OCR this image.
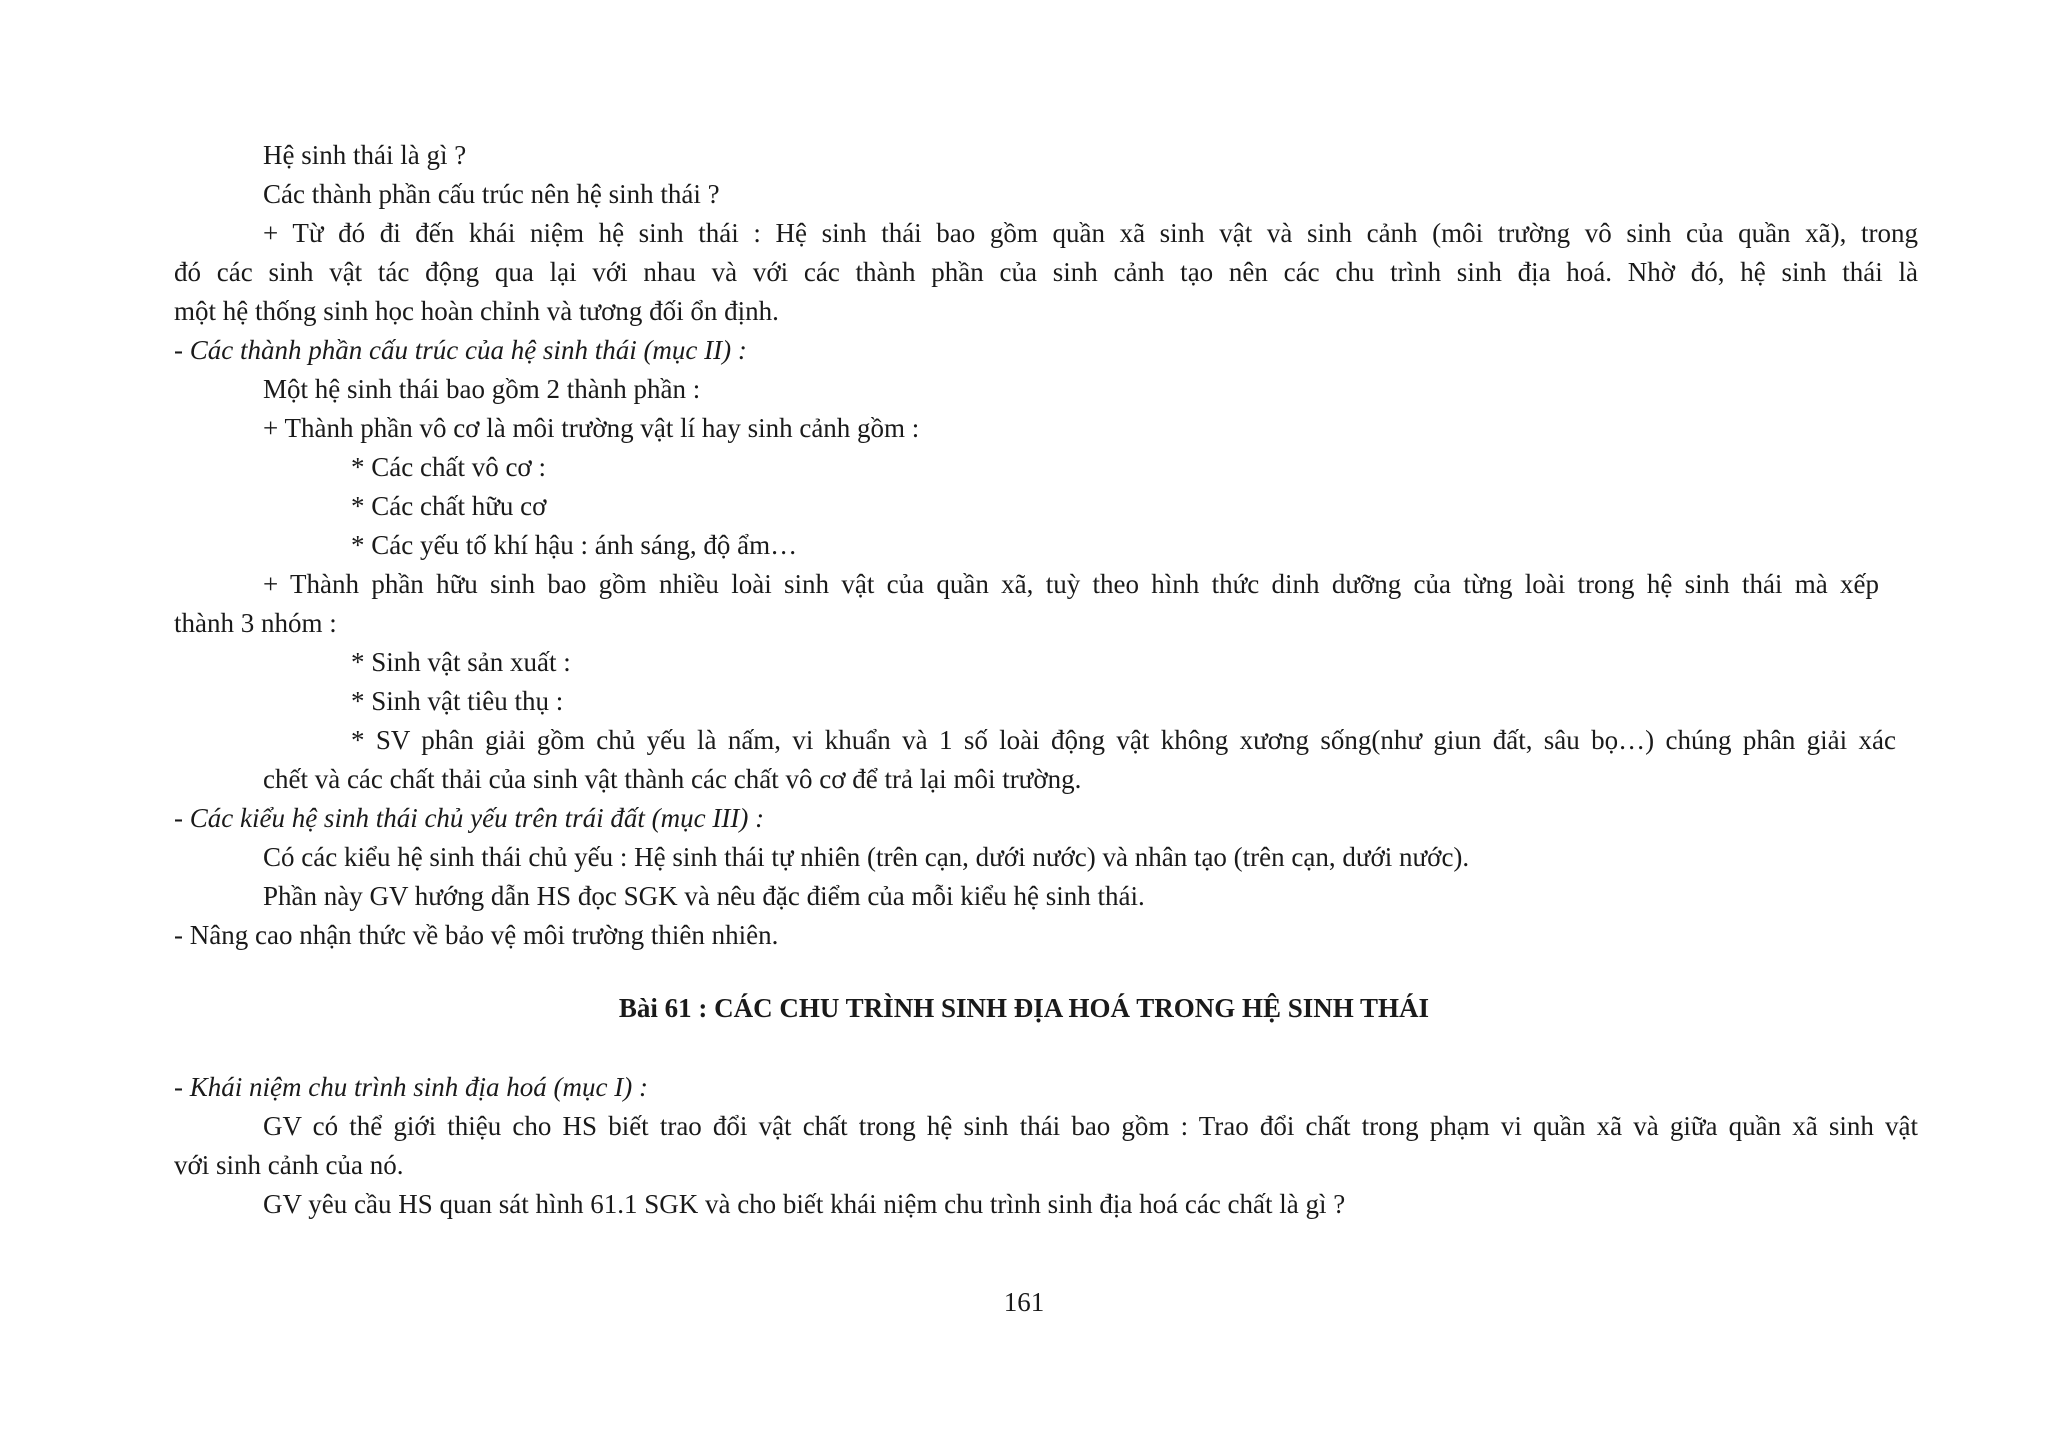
Hệ sinh thái là gì ?
Các thành phần cấu trúc nên hệ sinh thái ?
+ Từ đó đi đến khái niệm hệ sinh thái : Hệ sinh thái bao gồm quần xã sinh vật và sinh cảnh (môi trường vô sinh của quần xã), trong
đó các sinh vật tác động qua lại với nhau và với các thành phần của sinh cảnh tạo nên các chu trình sinh địa hoá. Nhờ đó, hệ sinh thái là
một hệ thống sinh học hoàn chỉnh và tương đối ổn định.
- Các thành phần cấu trúc của hệ sinh thái (mục II) :
Một hệ sinh thái bao gồm 2 thành phần :
+ Thành phần vô cơ là môi trường vật lí hay sinh cảnh gồm :
* Các chất vô cơ :
* Các chất hữu cơ
* Các yếu tố khí hậu : ánh sáng, độ ẩm…
+ Thành phần hữu sinh bao gồm nhiều loài sinh vật của quần xã, tuỳ theo hình thức dinh dưỡng của từng loài trong hệ sinh thái mà xếp
thành 3 nhóm :
* Sinh vật sản xuất :
* Sinh vật tiêu thụ :
* SV phân giải gồm chủ yếu là nấm, vi khuẩn và 1 số loài động vật không xương sống(như giun đất, sâu bọ…) chúng phân giải xác
chết và các chất thải của sinh vật thành các chất vô cơ để trả lại môi trường.
- Các kiểu hệ sinh thái chủ yếu trên trái đất (mục III) :
Có các kiểu hệ sinh thái chủ yếu : Hệ sinh thái tự nhiên (trên cạn, dưới nước) và nhân tạo (trên cạn, dưới nước).
Phần này GV hướng dẫn HS đọc SGK và nêu đặc điểm của mỗi kiểu hệ sinh thái.
- Nâng cao nhận thức về bảo vệ môi trường thiên nhiên.
Bài 61 : CÁC CHU TRÌNH SINH ĐỊA HOÁ TRONG HỆ SINH THÁI
- Khái niệm chu trình sinh địa hoá (mục I) :
GV có thể giới thiệu cho HS biết trao đổi vật chất trong hệ sinh thái bao gồm : Trao đổi chất trong phạm vi quần xã và giữa quần xã sinh vật
với sinh cảnh của nó.
GV yêu cầu HS quan sát hình 61.1 SGK và cho biết khái niệm chu trình sinh địa hoá các chất là gì ?
161
